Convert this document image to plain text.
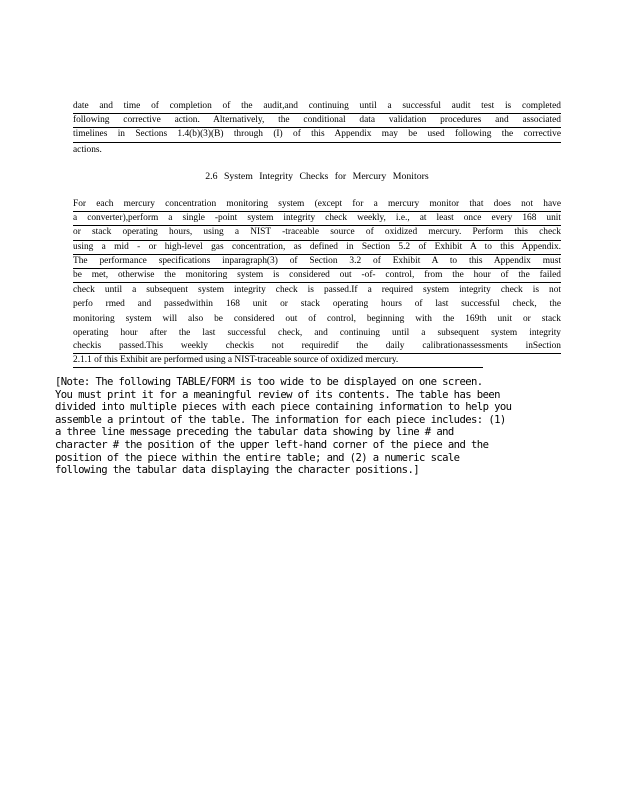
date and time of completion of the audit,and continuing until a successful audit test is completed
following corrective action. Alternatively, the conditional data validation procedures and associated
timelines in Sections 1.4(b)(3)(B) through (I) of this Appendix may be used following the corrective
actions.
2.6 System Integrity Checks for Mercury Monitors
For each mercury concentration monitoring system (except for a mercury monitor that does not have
a converter),perform a single -point system integrity check weekly, i.e., at least once every 168 unit
or stack operating hours, using a NIST -traceable source of oxidized mercury. Perform this check
using a mid - or high-level gas concentration, as defined in Section 5.2 of Exhibit A to this Appendix.
The performance specifications inparagraph(3) of Section 3.2 of Exhibit A to this Appendix must
be met, otherwise the monitoring system is considered out -of- control, from the hour of the failed
check until a subsequent system integrity check is passed.If a required system integrity check is not
perfo rmed and passedwithin 168 unit or stack operating hours of last successful check, the
monitoring system will also be considered out of control, beginning with the 169th unit or stack
operating hour after the last successful check, and continuing until a subsequent system integrity
checkis passed.This weekly checkis not requiredif the daily calibrationassessments inSection
2.1.1 of this Exhibit are performed using a NIST-traceable source of oxidized mercury.
[Note: The following TABLE/FORM is too wide to be displayed on one screen.
You must print it for a meaningful review of its contents. The table has been
divided into multiple pieces with each piece containing information to help you
assemble a printout of the table. The information for each piece includes: (1)
a three line message preceding the tabular data showing by line # and
character # the position of the upper left-hand corner of the piece and the
position of the piece within the entire table; and (2) a numeric scale
following the tabular data displaying the character positions.]
